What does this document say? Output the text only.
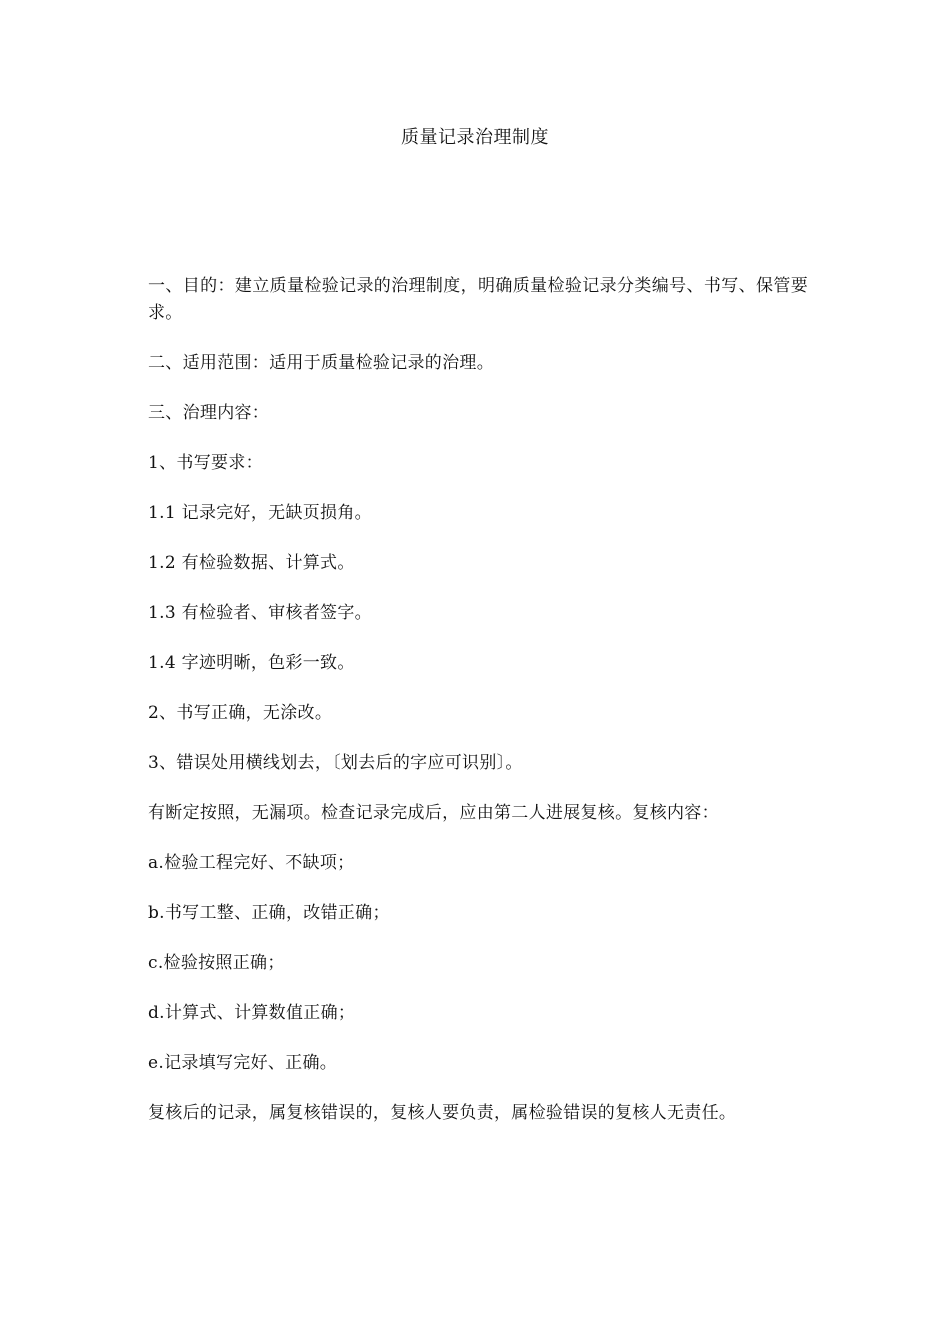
质量记录治理制度

一、目的：建立质量检验记录的治理制度，明确质量检验记录分类编号、书写、保管要求。

二、适用范围：适用于质量检验记录的治理。

三、治理内容：

1、书写要求：

1.1 记录完好，无缺页损角。

1.2 有检验数据、计算式。

1.3 有检验者、审核者签字。

1.4 字迹明晰，色彩一致。

2、书写正确，无涂改。

3、错误处用横线划去，〔划去后的字应可识别〕。

有断定按照，无漏项。检查记录完成后，应由第二人进展复核。复核内容：

a.检验工程完好、不缺项；

b.书写工整、正确，改错正确；

c.检验按照正确；

d.计算式、计算数值正确；

e.记录填写完好、正确。

复核后的记录，属复核错误的，复核人要负责，属检验错误的复核人无责任。
